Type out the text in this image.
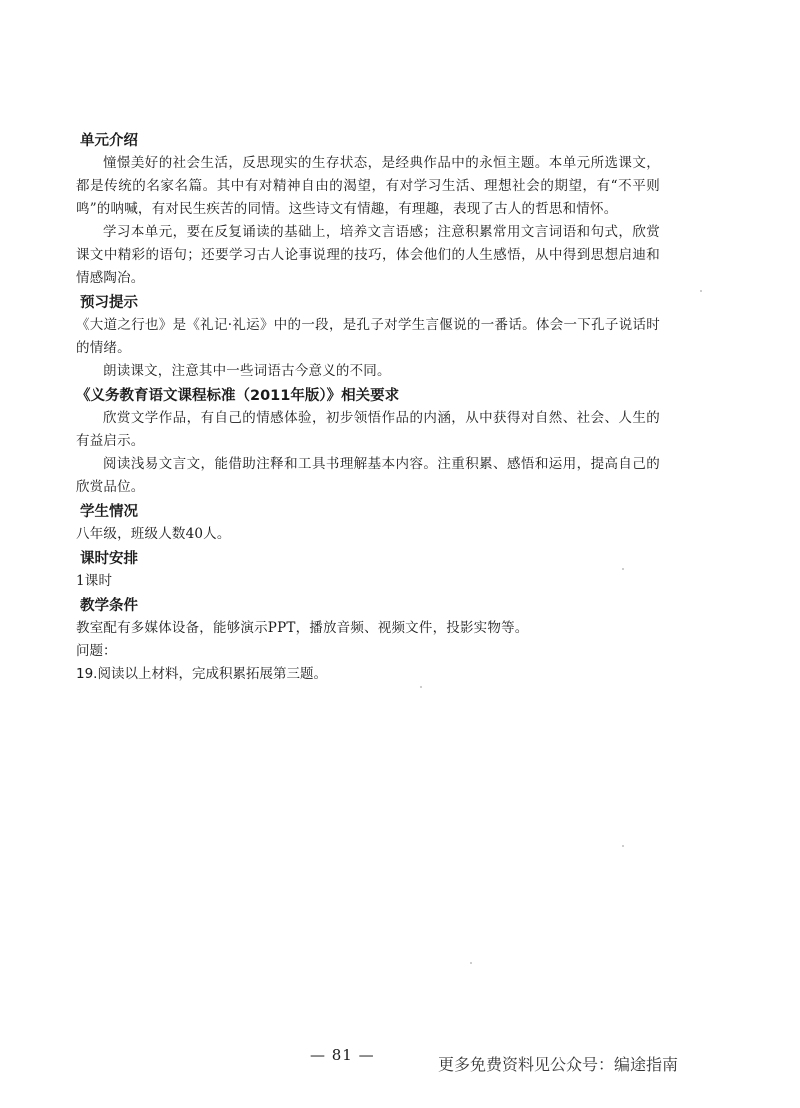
单元介绍

憧憬美好的社会生活，反思现实的生存状态，是经典作品中的永恒主题。本单元所选课文，都是传统的名家名篇。其中有对精神自由的渴望，有对学习生活、理想社会的期望，有“不平则鸣”的呐喊，有对民生疾苦的同情。这些诗文有情趣，有理趣，表现了古人的哲思和情怀。

学习本单元，要在反复诵读的基础上，培养文言语感；注意积累常用文言词语和句式，欣赏课文中精彩的语句；还要学习古人论事说理的技巧，体会他们的人生感悟，从中得到思想启迪和情感陶冶。

预习提示

《大道之行也》是《礼记·礼运》中的一段，是孔子对学生言偃说的一番话。体会一下孔子说话时的情绪。

朗读课文，注意其中一些词语古今意义的不同。

《义务教育语文课程标准（2011年版）》相关要求

欣赏文学作品，有自己的情感体验，初步领悟作品的内涵，从中获得对自然、社会、人生的有益启示。

阅读浅易文言文，能借助注释和工具书理解基本内容。注重积累、感悟和运用，提高自己的欣赏品位。

学生情况

八年级，班级人数40人。

课时安排

1课时

教学条件

教室配有多媒体设备，能够演示PPT，播放音频、视频文件，投影实物等。

问题：

19.阅读以上材料，完成积累拓展第三题。

— 81 —	更多免费资料见公众号：编途指南
